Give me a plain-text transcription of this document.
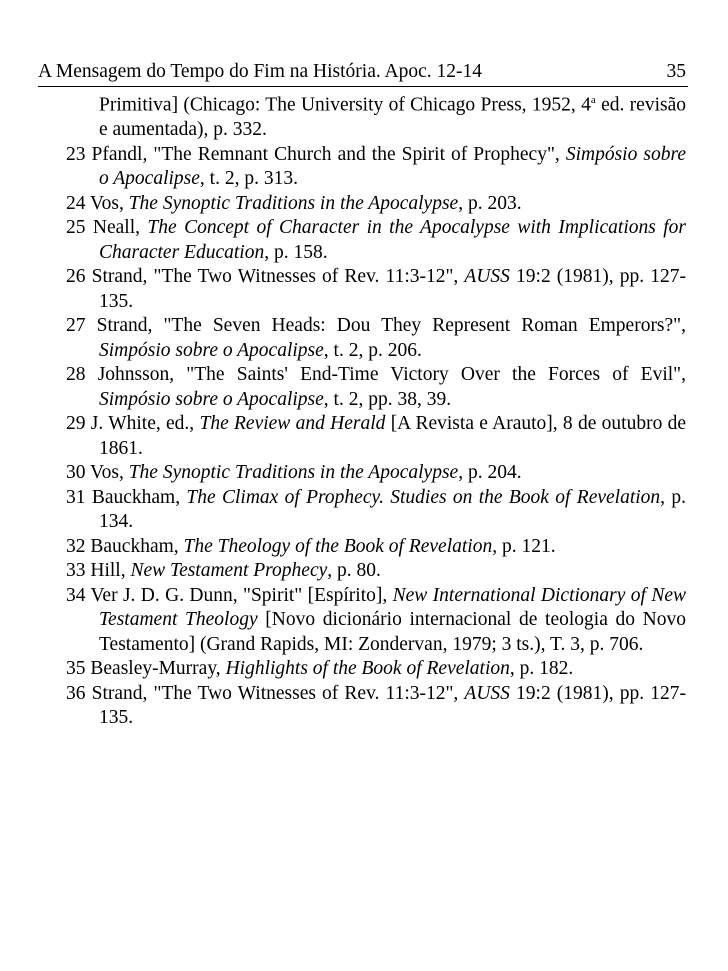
A Mensagem do Tempo do Fim na História. Apoc. 12-14	35

Primitiva] (Chicago: The University of Chicago Press, 1952, 4$^a$ ed. revisão e aumentada), p. 332.

23 Pfandl, "The Remnant Church and the Spirit of Prophecy", Simpósio sobre o Apocalipse, t. 2, p. 313.

24 Vos, The Synoptic Traditions in the Apocalypse, p. 203.

25 Neall, The Concept of Character in the Apocalypse with Implications for Character Education, p. 158.

26 Strand, "The Two Witnesses of Rev. 11:3-12", AUSS 19:2 (1981), pp. 127-135.

27 Strand, "The Seven Heads: Dou They Represent Roman Emperors?", Simpósio sobre o Apocalipse, t. 2, p. 206.

28 Johnsson, "The Saints' End-Time Victory Over the Forces of Evil", Simpósio sobre o Apocalipse, t. 2, pp. 38, 39.

29 J. White, ed., The Review and Herald [A Revista e Arauto], 8 de outubro de 1861.

30 Vos, The Synoptic Traditions in the Apocalypse, p. 204.

31 Bauckham, The Climax of Prophecy. Studies on the Book of Revelation, p. 134.

32 Bauckham, The Theology of the Book of Revelation, p. 121.

33 Hill, New Testament Prophecy, p. 80.

34 Ver J. D. G. Dunn, "Spirit" [Espírito], New International Dictionary of New Testament Theology [Novo dicionário internacional de teologia do Novo Testamento] (Grand Rapids, MI: Zondervan, 1979; 3 ts.), T. 3, p. 706.

35 Beasley-Murray, Highlights of the Book of Revelation, p. 182.

36 Strand, "The Two Witnesses of Rev. 11:3-12", AUSS 19:2 (1981), pp. 127-135.
